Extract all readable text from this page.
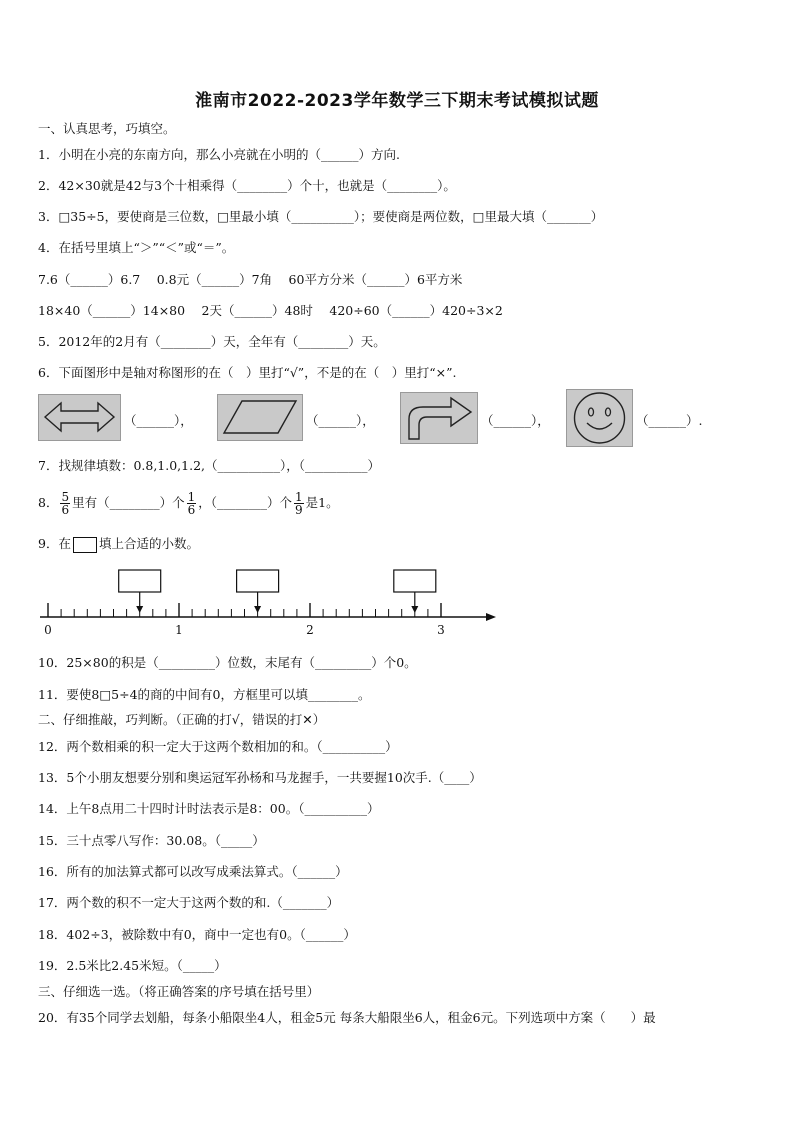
淮南市2022-2023学年数学三下期末考试模拟试题
一、认真思考，巧填空。
1．小明在小亮的东南方向，那么小亮就在小明的（______）方向.
2．42×30就是42与3个十相乘得（________）个十，也就是（________）。
3．□35÷5，要使商是三位数，□里最小填（__________）；要使商是两位数，□里最大填（_______）
4．在括号里填上“＞”“＜”或“＝”。
7.6（______）6.7　 0.8元（______）7角　 60平方分米（______）6平方米
18×40（______）14×80　 2天（______）48时　 420÷60（______）420÷3×2
5．2012年的2月有（________）天，全年有（________）天。
6．下面图形中是轴对称图形的在（　）里打“√”，不是的在（　）里打“×”.
（______），	（______），	（______），	（______）.
7．找规律填数：0.8,1.0,1.2,（__________），（__________）
8． $\frac{5}{6}$ 里有（________）个 $\frac{1}{6}$ ，（________）个 $\frac{1}{9}$ 是1。
9．在 填上合适的小数。
0	1	2	3
10．25×80的积是（_________）位数，末尾有（_________）个0。
11．要使8□5÷4的商的中间有0，方框里可以填________。
二、仔细推敲，巧判断。（正确的打√，错误的打✕）
12．两个数相乘的积一定大于这两个数相加的和。（__________）
13．5个小朋友想要分别和奥运冠军孙杨和马龙握手，一共要握10次手.（____）
14．上午8点用二十四时计时法表示是8：00。（__________）
15．三十点零八写作：30.08。（_____）
16．所有的加法算式都可以改写成乘法算式。（______）
17．两个数的积不一定大于这两个数的和.（_______）
18．402÷3，被除数中有0，商中一定也有0。（______）
19．2.5米比2.45米短。（_____）
三、仔细选一选。（将正确答案的序号填在括号里）
20．有35个同学去划船，每条小船限坐4人，租金5元 每条大船限坐6人，租金6元。下列选项中方案（　　）最
